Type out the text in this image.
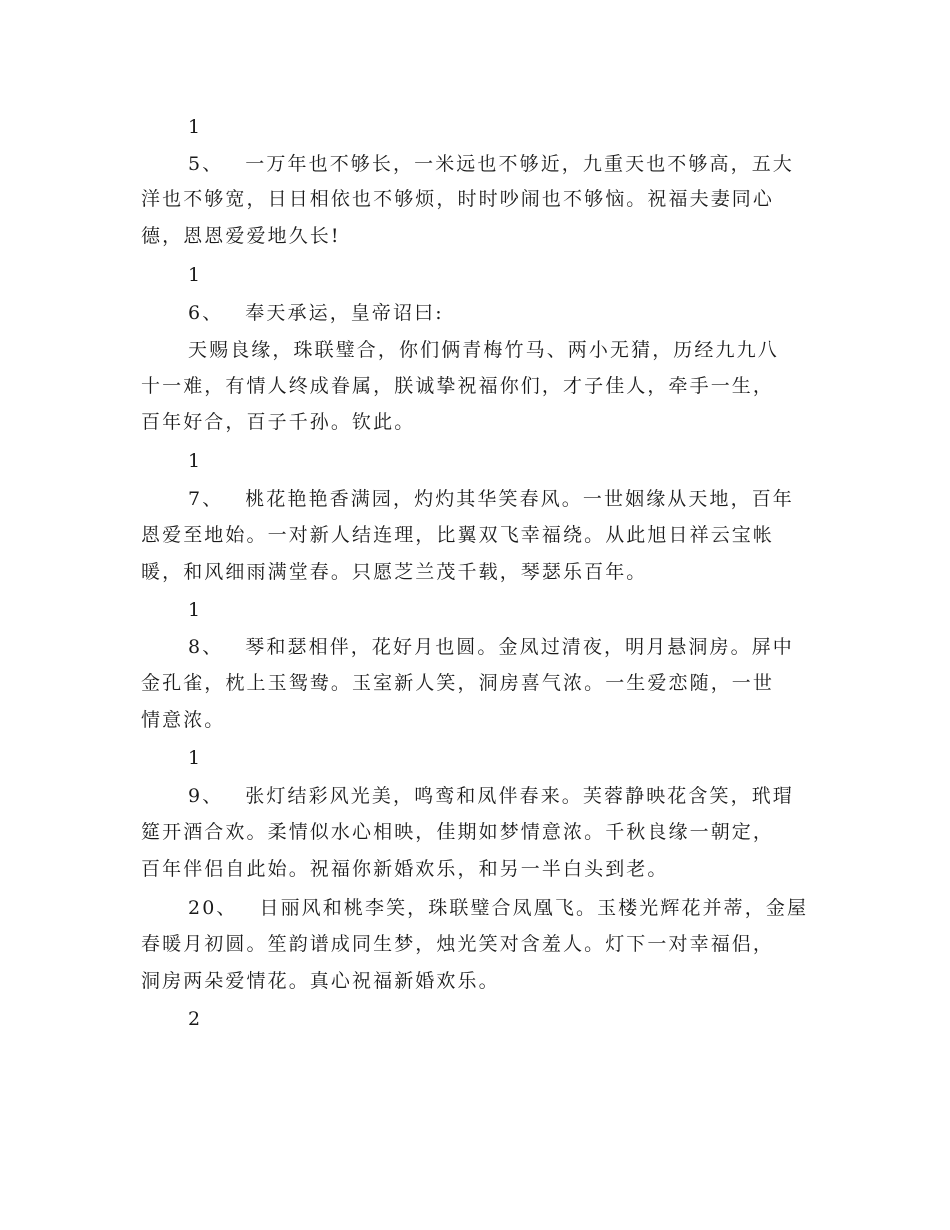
1
5、 一万年也不够长，一米远也不够近，九重天也不够高，五大
洋也不够宽，日日相依也不够烦，时时吵闹也不够恼。祝福夫妻同心
德，恩恩爱爱地久长!
1
6、 奉天承运，皇帝诏曰:
天赐良缘，珠联璧合，你们俩青梅竹马、两小无猜，历经九九八
十一难，有情人终成眷属，朕诚挚祝福你们，才子佳人，牵手一生，
百年好合，百子千孙。钦此。
1
7、 桃花艳艳香满园，灼灼其华笑春风。一世姻缘从天地，百年
恩爱至地始。一对新人结连理，比翼双飞幸福绕。从此旭日祥云宝帐
暖，和风细雨满堂春。只愿芝兰茂千载，琴瑟乐百年。
1
8、 琴和瑟相伴，花好月也圆。金凤过清夜，明月悬洞房。屏中
金孔雀，枕上玉鸳鸯。玉室新人笑，洞房喜气浓。一生爱恋随，一世
情意浓。
1
9、 张灯结彩风光美，鸣鸾和凤伴春来。芙蓉静映花含笑，玳瑁
筵开酒合欢。柔情似水心相映，佳期如梦情意浓。千秋良缘一朝定，
百年伴侣自此始。祝福你新婚欢乐，和另一半白头到老。
20、 日丽风和桃李笑，珠联璧合凤凰飞。玉楼光辉花并蒂，金屋
春暖月初圆。笙韵谱成同生梦，烛光笑对含羞人。灯下一对幸福侣，
洞房两朵爱情花。真心祝福新婚欢乐。
2
